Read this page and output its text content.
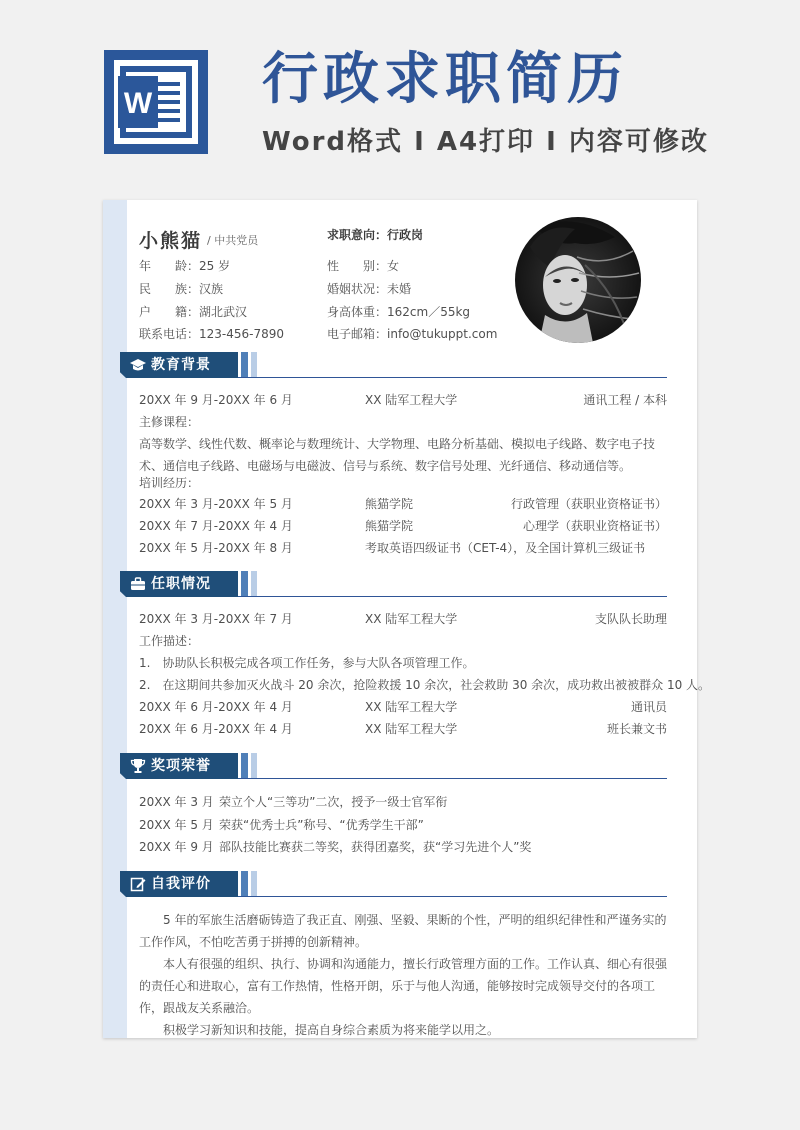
W 行政求职简历

Word格式 I A4打印 I 内容可修改

小熊猫 / 中共党员	求职意向：行政岗
年　　龄：25 岁	性　　别：女
民　　族：汉族	婚姻状况：未婚
户　　籍：湖北武汉	身高体重：162cm／55kg
联系电话：123-456-7890	电子邮箱：info@tukuppt.com
教育背景
20XX 年 9 月-20XX 年 6 月	XX 陆军工程大学	通讯工程 / 本科
主修课程：

高等数学、线性代数、概率论与数理统计、大学物理、电路分析基础、模拟电子线路、数字电子技术、通信电子线路、电磁场与电磁波、信号与系统、数字信号处理、光纤通信、移动通信等。

培训经历：
20XX 年 3 月-20XX 年 5 月	熊猫学院	行政管理（获职业资格证书）
20XX 年 7 月-20XX 年 4 月	熊猫学院	心理学（获职业资格证书）
20XX 年 5 月-20XX 年 8 月	考取英语四级证书（CET-4），及全国计算机三级证书
任职情况
20XX 年 3 月-20XX 年 7 月	XX 陆军工程大学	支队队长助理
工作描述：
1.　协助队长积极完成各项工作任务，参与大队各项管理工作。
2.　在这期间共参加灭火战斗 20 余次，抢险救援 10 余次，社会救助 30 余次，成功救出被被群众 10 人。
20XX 年 6 月-20XX 年 4 月	XX 陆军工程大学	通讯员
20XX 年 6 月-20XX 年 4 月	XX 陆军工程大学	班长兼文书
奖项荣誉
20XX 年 3 月 荣立个人“三等功”二次，授予一级士官军衔
20XX 年 5 月 荣获“优秀士兵”称号、“优秀学生干部”
20XX 年 9 月 部队技能比赛获二等奖，获得团嘉奖，获“学习先进个人”奖
自我评价

5 年的军旅生活磨砺铸造了我正直、刚强、坚毅、果断的个性，严明的组织纪律性和严谨务实的工作作风，不怕吃苦勇于拼搏的创新精神。

本人有很强的组织、执行、协调和沟通能力，擅长行政管理方面的工作。工作认真、细心有很强的责任心和进取心，富有工作热情，性格开朗，乐于与他人沟通，能够按时完成领导交付的各项工作，跟战友关系融洽。

积极学习新知识和技能，提高自身综合素质为将来能学以用之。
